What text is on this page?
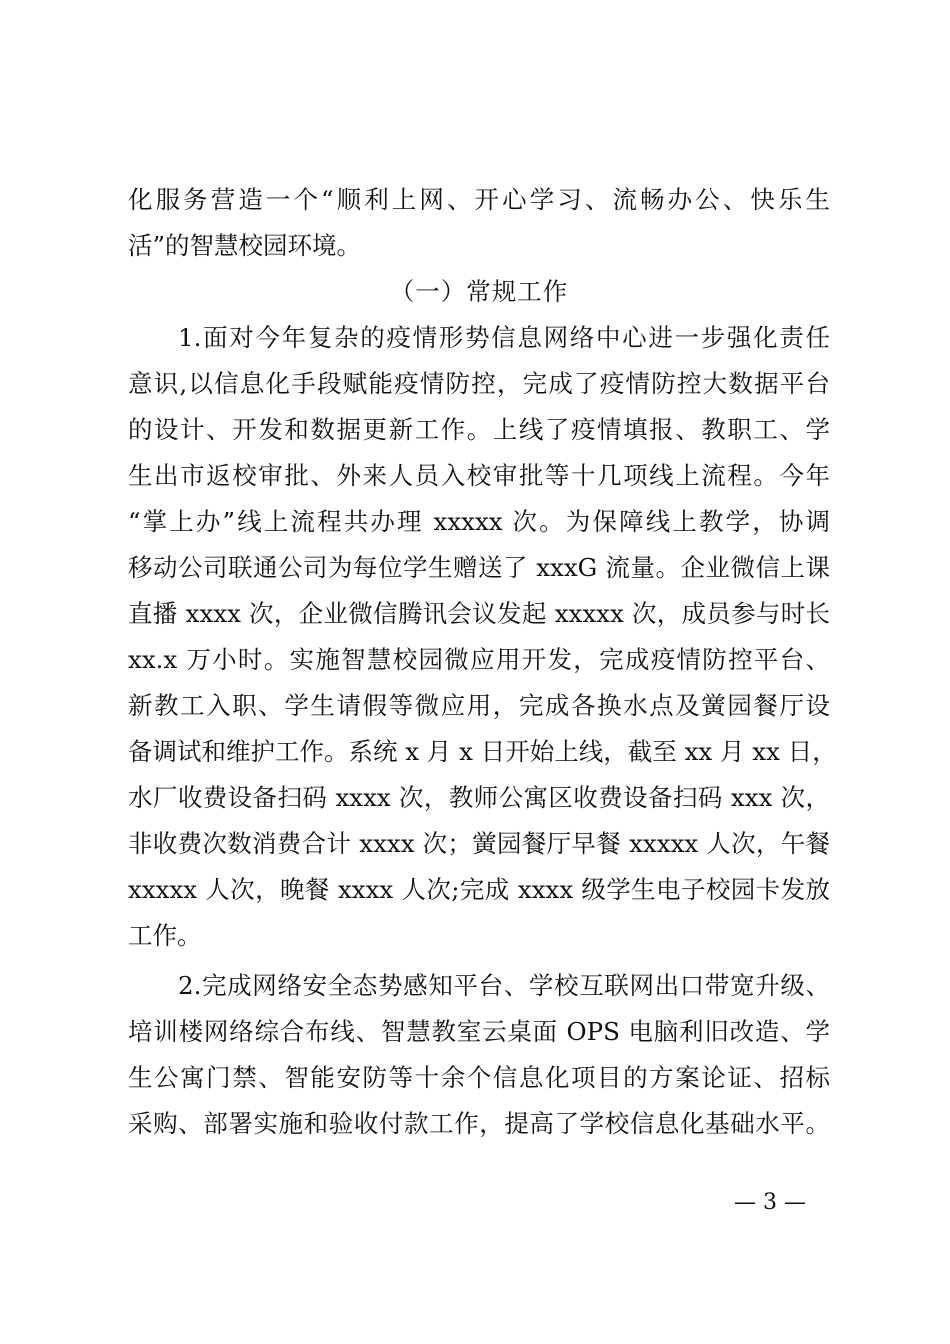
化服务营造一个“顺利上网、开心学习、流畅办公、快乐生
活”的智慧校园环境。
（一）常规工作
1.面对今年复杂的疫情形势信息网络中心进一步强化责任
意识,以信息化手段赋能疫情防控，完成了疫情防控大数据平台
的设计、开发和数据更新工作。上线了疫情填报、教职工、学
生出市返校审批、外来人员入校审批等十几项线上流程。今年
“掌上办”线上流程共办理 xxxxx 次。为保障线上教学，协调
移动公司联通公司为每位学生赠送了 xxxG 流量。企业微信上课
直播 xxxx 次，企业微信腾讯会议发起 xxxxx 次，成员参与时长
xx.x 万小时。实施智慧校园微应用开发，完成疫情防控平台、
新教工入职、学生请假等微应用，完成各换水点及黉园餐厅设
备调试和维护工作。系统 x 月 x 日开始上线，截至 xx 月 xx 日，
水厂收费设备扫码 xxxx 次，教师公寓区收费设备扫码 xxx 次，
非收费次数消费合计 xxxx 次；黉园餐厅早餐 xxxxx 人次，午餐
xxxxx 人次，晚餐 xxxx 人次;完成 xxxx 级学生电子校园卡发放
工作。
2.完成网络安全态势感知平台、学校互联网出口带宽升级、
培训楼网络综合布线、智慧教室云桌面 OPS 电脑利旧改造、学
生公寓门禁、智能安防等十余个信息化项目的方案论证、招标
采购、部署实施和验收付款工作，提高了学校信息化基础水平。
— 3 —
